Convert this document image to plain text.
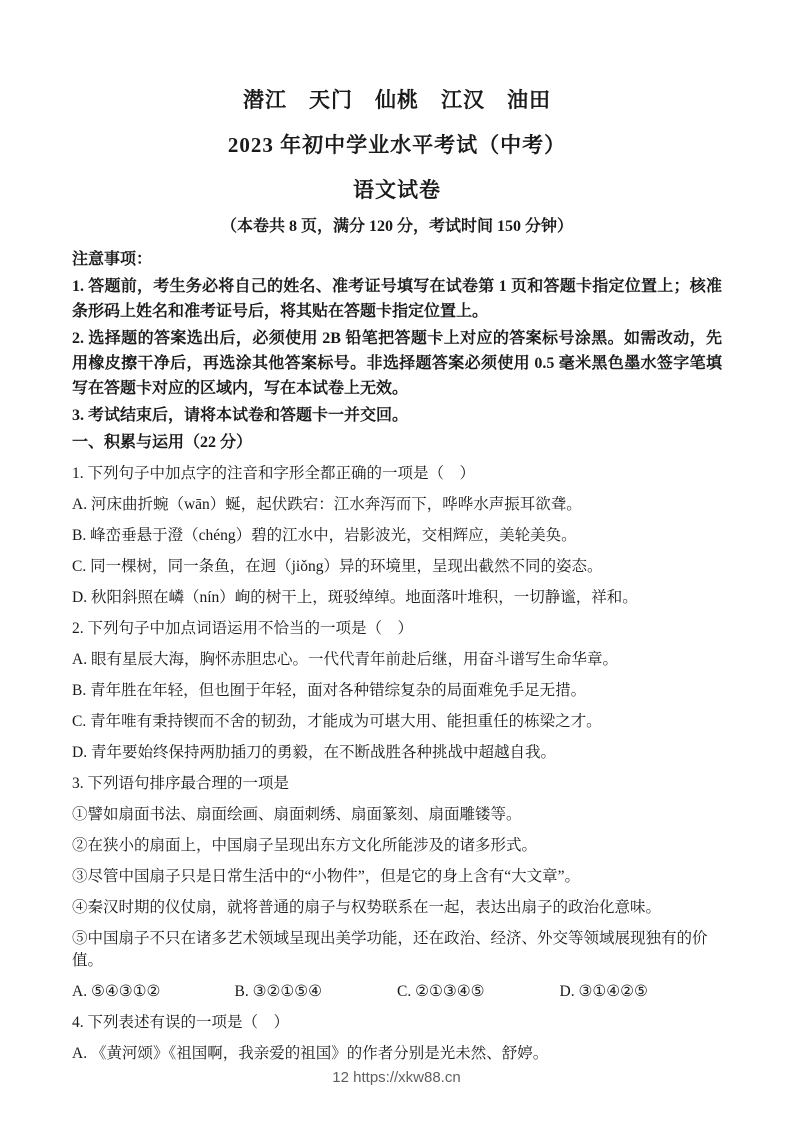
潜江　天门　仙桃　江汉　油田
2023 年初中学业水平考试（中考）
语文试卷
（本卷共 8 页，满分 120 分，考试时间 150 分钟）

注意事项：

1. 答题前，考生务必将自己的姓名、准考证号填写在试卷第 1 页和答题卡指定位置上；核准条形码上姓名和准考证号后，将其贴在答题卡指定位置上。

2. 选择题的答案选出后，必须使用 2B 铅笔把答题卡上对应的答案标号涂黑。如需改动，先用橡皮擦干净后，再选涂其他答案标号。非选择题答案必须使用 0.5 毫米黑色墨水签字笔填写在答题卡对应的区域内，写在本试卷上无效。

3. 考试结束后，请将本试卷和答题卡一并交回。

一、积累与运用（22 分）

1. 下列句子中加点字的注音和字形全都正确的一项是（　）

A. 河床曲折蜿（wān）蜒，起伏跌宕：江水奔泻而下，哗哗水声振耳欲聋。

B. 峰峦垂悬于澄（chéng）碧的江水中，岩影波光，交相辉应，美轮美奂。

C. 同一棵树，同一条鱼，在迥（jiǒng）异的环境里，呈现出截然不同的姿态。

D. 秋阳斜照在嶙（nín）峋的树干上，斑驳绰绰。地面落叶堆积，一切静谧，祥和。

2. 下列句子中加点词语运用不恰当的一项是（　）

A. 眼有星辰大海，胸怀赤胆忠心。一代代青年前赴后继，用奋斗谱写生命华章。

B. 青年胜在年轻，但也囿于年轻，面对各种错综复杂的局面难免手足无措。

C. 青年唯有秉持锲而不舍的韧劲，才能成为可堪大用、能担重任的栋梁之才。

D. 青年要始终保持两肋插刀的勇毅，在不断战胜各种挑战中超越自我。

3. 下列语句排序最合理的一项是

①譬如扇面书法、扇面绘画、扇面刺绣、扇面篆刻、扇面雕镂等。

②在狭小的扇面上，中国扇子呈现出东方文化所能涉及的诸多形式。

③尽管中国扇子只是日常生活中的“小物件”，但是它的身上含有“大文章”。

④秦汉时期的仪仗扇，就将普通的扇子与权势联系在一起，表达出扇子的政治化意味。

⑤中国扇子不只在诸多艺术领域呈现出美学功能，还在政治、经济、外交等领域展现独有的价值。

A. ⑤④③①②	B. ③②①⑤④	C. ②①③④⑤	D. ③①④②⑤

4. 下列表述有误的一项是（　）

A. 《黄河颂》《祖国啊，我亲爱的祖国》的作者分别是光未然、舒婷。

12 https://xkw88.cn
